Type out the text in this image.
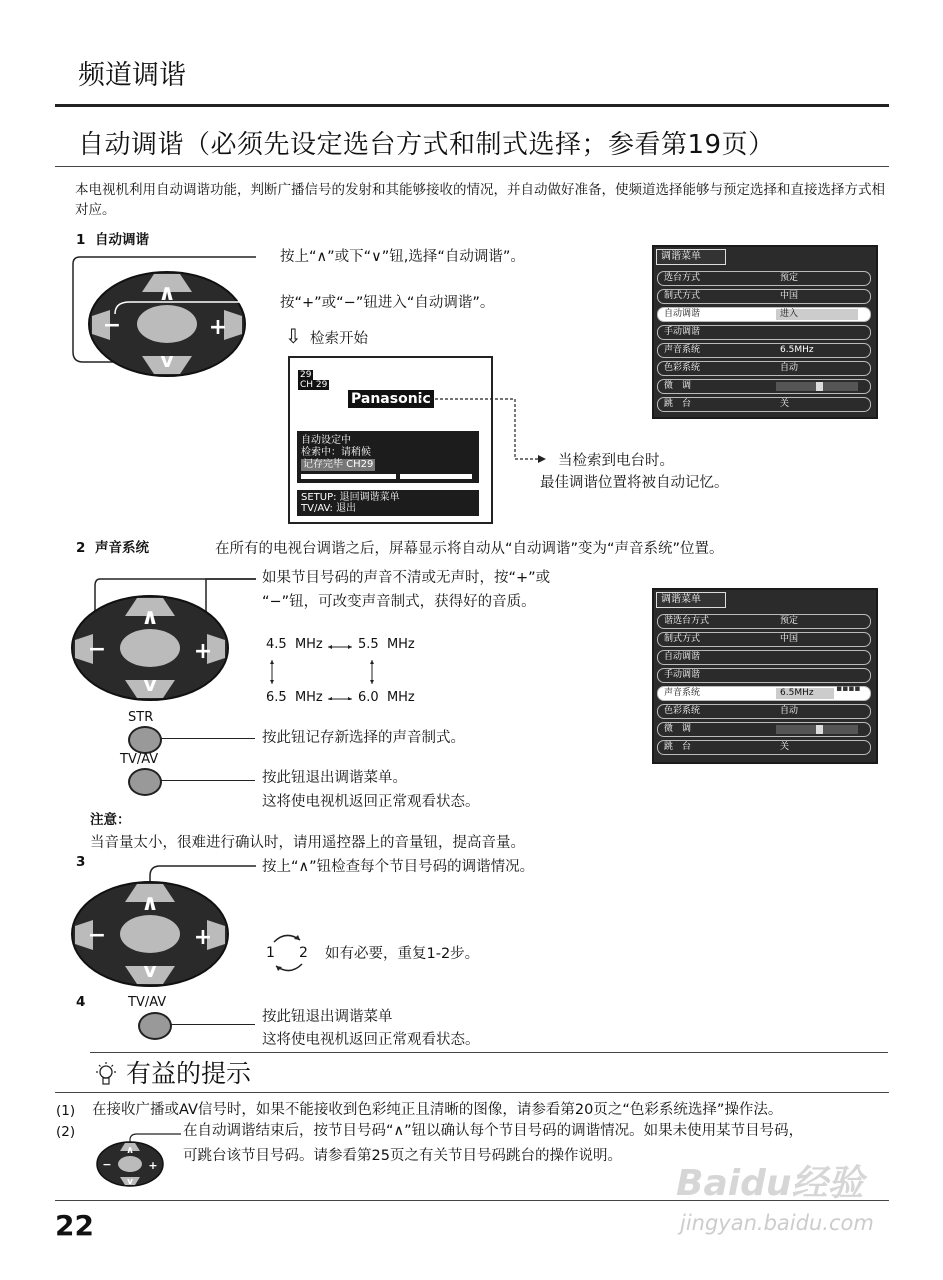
频道调谐
自动调谐（必须先设定选台方式和制式选择；参看第19页）
本电视机利用自动调谐功能，判断广播信号的发射和其能够接收的情况，并自动做好准备，使频道选择能够与预定选择和直接选择方式相对应。
1 自动调谐
∧
v
−	+
按上“∧”或下“∨”钮,选择“自动调谐”。
按“+”或“−”钮进入“自动调谐”。
⇩ 检索开始
29
CH 29
Panasonic
自动设定中
检索中：请稍候
记存完毕 CH29
SETUP: 退回调谐菜单
TV/AV: 退出
当检索到电台时。
最佳调谐位置将被自动记忆。
调谐菜单
选台方式	预定
制式方式	中国
自动调谐	进入
手动调谐
声音系统	6.5MHz
色彩系统	自动
微　调
跳　台	关
2 声音系统	在所有的电视台调谐之后，屏幕显示将自动从“自动调谐”变为“声音系统”位置。
∧
v
−	+
如果节目号码的声音不清或无声时，按“+”或
“−”钮，可改变声音制式，获得好的音质。
4.5  MHz	5.5  MHz
6.5  MHz	6.0  MHz
STR
按此钮记存新选择的声音制式。
TV/AV
按此钮退出调谐菜单。
这将使电视机返回正常观看状态。
调谐菜单
谐选台方式	预定
制式方式	中国
自动调谐
手动调谐
声音系统	6.5MHz ▪▪▪▪
色彩系统	自动
微　调
跳　台	关
注意：
当音量太小，很难进行确认时，请用遥控器上的音量钮，提高音量。
3
∧
v
−	+
按上“∧”钮检查每个节目号码的调谐情况。
1 2 如有必要，重复1-2步。
4	TV/AV
按此钮退出调谐菜单
这将使电视机返回正常观看状态。
有益的提示
(1) 在接收广播或AV信号时，如果不能接收到色彩纯正且清晰的图像，请参看第20页之“色彩系统选择”操作法。
(2)
∧
v
−	+
在自动调谐结束后，按节目号码“∧”钮以确认每个节目号码的调谐情况。如果未使用某节目号码，
可跳台该节目号码。请参看第25页之有关节目号码跳台的操作说明。
22
Baidu经验
jingyan.baidu.com
